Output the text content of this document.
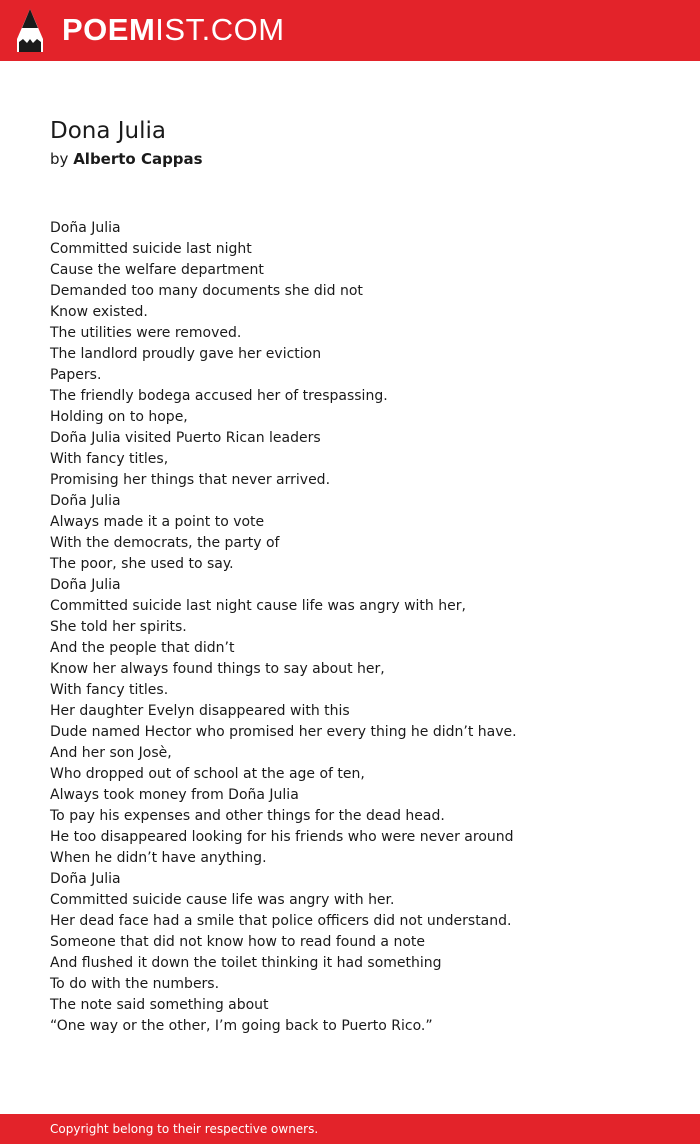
POEMIST.COM
Dona Julia
by Alberto Cappas
Doña Julia
Committed suicide last night
Cause the welfare department
Demanded too many documents she did not
Know existed.
The utilities were removed.
The landlord proudly gave her eviction
Papers.
The friendly bodega accused her of trespassing.
Holding on to hope,
Doña Julia visited Puerto Rican leaders
With fancy titles,
Promising her things that never arrived.
Doña Julia
Always made it a point to vote
With the democrats, the party of
The poor, she used to say.
Doña Julia
Committed suicide last night cause life was angry with her,
She told her spirits.
And the people that didn’t
Know her always found things to say about her,
With fancy titles.
Her daughter Evelyn disappeared with this
Dude named Hector who promised her every thing he didn’t have.
And her son Josè,
Who dropped out of school at the age of ten,
Always took money from Doña Julia
To pay his expenses and other things for the dead head.
He too disappeared looking for his friends who were never around
When he didn’t have anything.
Doña Julia
Committed suicide cause life was angry with her.
Her dead face had a smile that police officers did not understand.
Someone that did not know how to read found a note
And flushed it down the toilet thinking it had something
To do with the numbers.
The note said something about
“One way or the other, I’m going back to Puerto Rico.”
Copyright belong to their respective owners.
